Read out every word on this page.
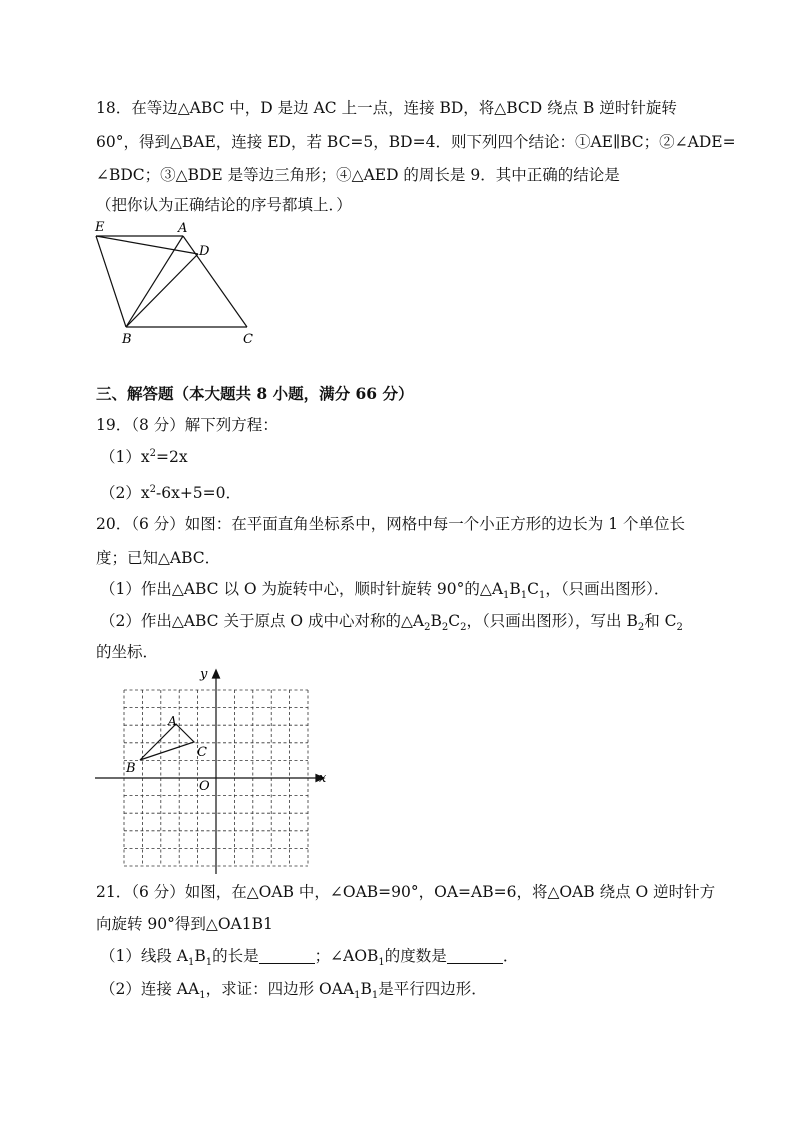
18．在等边△ABC 中，D 是边 AC 上一点，连接 BD，将△BCD 绕点 B 逆时针旋转
60°，得到△BAE，连接 ED，若 BC=5，BD=4．则下列四个结论：①AE∥BC；②∠ADE=
∠BDC；③△BDE 是等边三角形；④△AED 的周长是 9．其中正确的结论是
（把你认为正确结论的序号都填上．）
E	A
D
B	C
三、解答题（本大题共 8 小题，满分 66 分）
19．（8 分）解下列方程：
$(1)x^2=2x$
$(2)x^2-6x+5=0$．
20．（6 分）如图：在平面直角坐标系中，网格中每一个小正方形的边长为 1 个单位长
度；已知△ABC．
（1）作出△ABC 以 O 为旋转中心，顺时针旋转 90°的$\triangle A_1B_1C_1$，（只画出图形）．
（2）作出△ABC 关于原点 O 成中心对称的$\triangle A_2B_2C_2$，（只画出图形），写出 $B_2$和 $C_2$
的坐标．
x
y
O
A
C
B
21．（6 分）如图，在△OAB 中，∠OAB=90°，OA=AB=6，将△OAB 绕点 O 逆时针方
向旋转 90°得到△OA1B1
（1）线段 $A_1B_1$的长是	；$\angle AOB_1$的度数是	．
（2）连接 $AA_1$，求证：四边形 $OAA_1B_1$是平行四边形．
